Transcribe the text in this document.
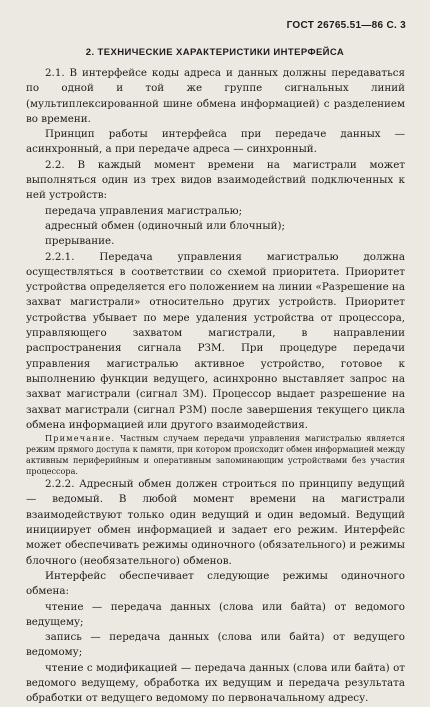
ГОСТ 26765.51—86 С. 3
2. ТЕХНИЧЕСКИЕ ХАРАКТЕРИСТИКИ ИНТЕРФЕЙСА

2.1. В интерфейсе коды адреса и данных должны передаваться по одной и той же группе сигнальных линий (мультиплексированной шине обмена информацией) с разделением во времени.

Принцип работы интерфейса при передаче данных — асинхронный, а при передаче адреса — синхронный.

2.2. В каждый момент времени на магистрали может выполняться один из трех видов взаимодействий подключенных к ней устройств:

передача управления магистралью;

адресный обмен (одиночный или блочный);

прерывание.

2.2.1. Передача управления магистралью должна осуществляться в соответствии со схемой приоритета. Приоритет устройства определяется его положением на линии «Разрешение на захват магистрали» относительно других устройств. Приоритет устройства убывает по мере удаления устройства от процессора, управляющего захватом магистрали, в направлении распространения сигнала РЗМ. При процедуре передачи управления магистралью активное устройство, готовое к выполнению функции ведущего, асинхронно выставляет запрос на захват магистрали (сигнал ЗМ). Процессор выдает разрешение на захват магистрали (сигнал РЗМ) после завершения текущего цикла обмена информацией или другого взаимодействия.

Примечание. Частным случаем передачи управления магистралью является режим прямого доступа к памяти, при котором происходит обмен информацией между активным периферийным и оперативным запоминающим устройствами без участия процессора.

2.2.2. Адресный обмен должен строиться по принципу ведущий — ведомый. В любой момент времени на магистрали взаимодействуют только один ведущий и один ведомый. Ведущий инициирует обмен информацией и задает его режим. Интерфейс может обеспечивать режимы одиночного (обязательного) и режимы блочного (необязательного) обменов.

Интерфейс обеспечивает следующие режимы одиночного обмена:

чтение — передача данных (слова или байта) от ведомого ведущему;

запись — передача данных (слова или байта) от ведущего ведомому;

чтение с модификацией — передача данных (слова или байта) от ведомого ведущему, обработка их ведущим и передача результата обработки от ведущего ведомому по первоначальному адресу.
